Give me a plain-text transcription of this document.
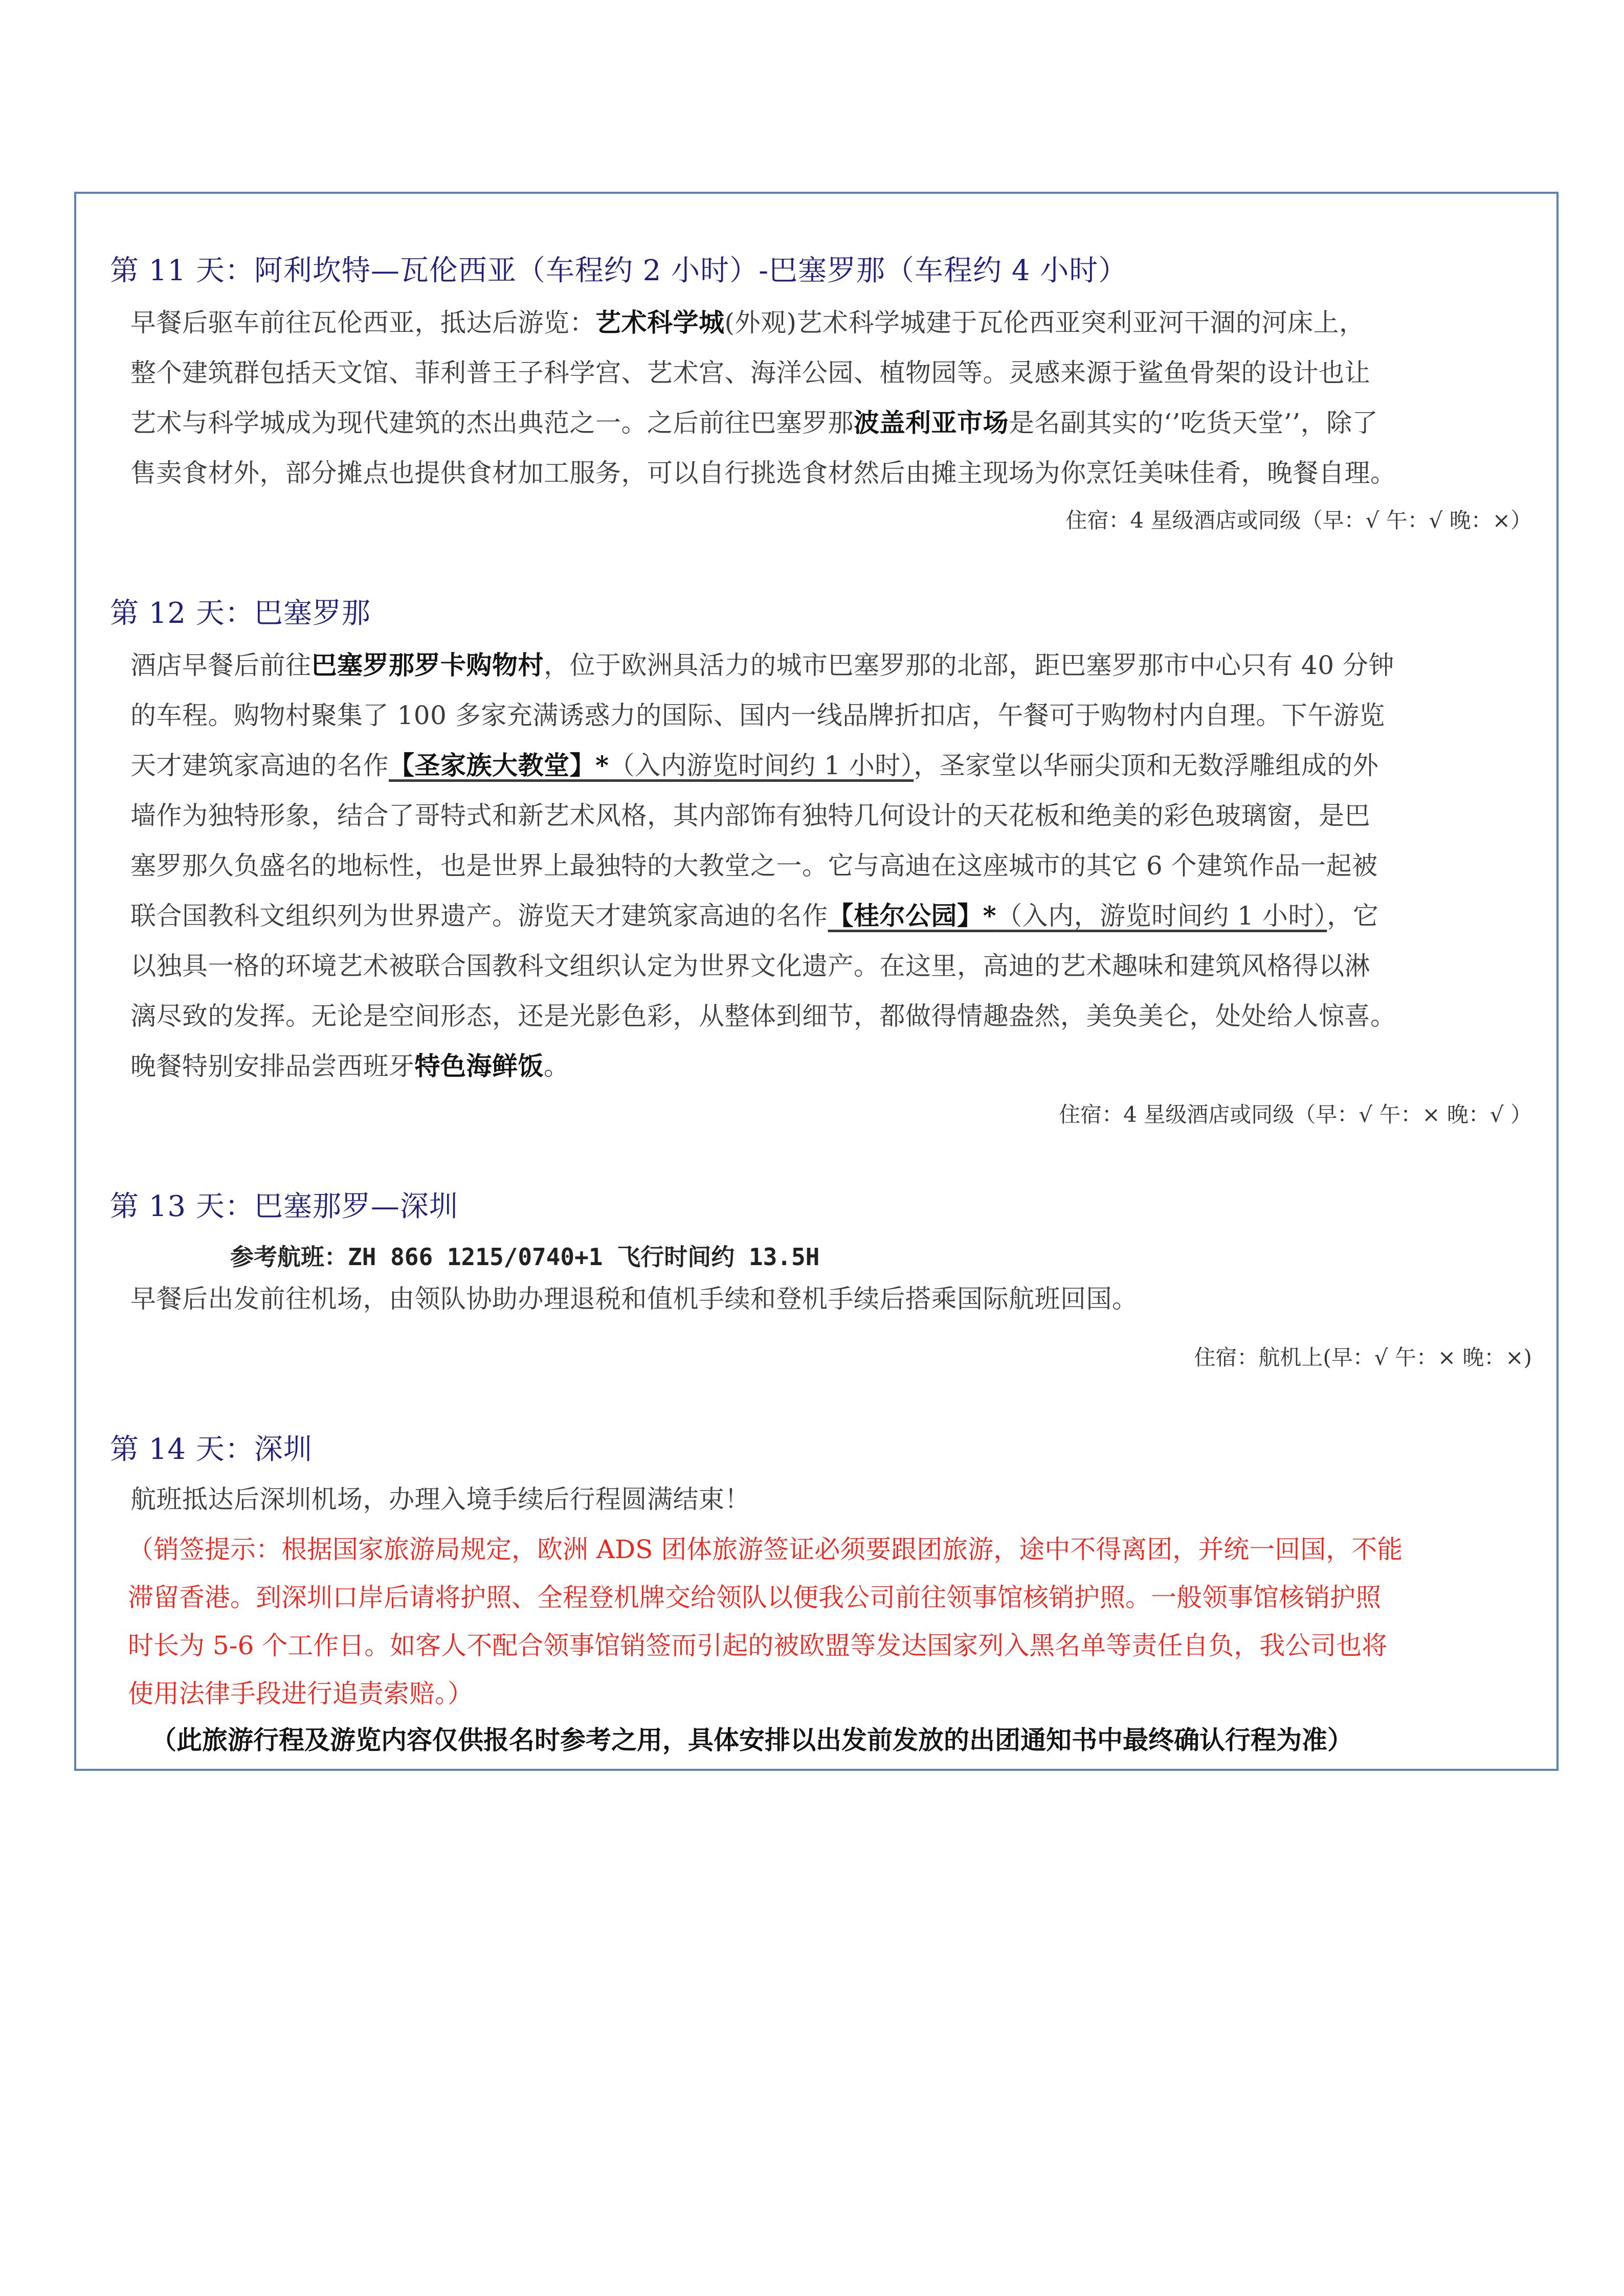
第 11 天：阿利坎特—瓦伦西亚（车程约 2 小时）-巴塞罗那（车程约 4 小时）
早餐后驱车前往瓦伦西亚，抵达后游览：艺术科学城(外观)艺术科学城建于瓦伦西亚突利亚河干涸的河床上，
整个建筑群包括天文馆、菲利普王子科学宫、艺术宫、海洋公园、植物园等。灵感来源于鲨鱼骨架的设计也让
艺术与科学城成为现代建筑的杰出典范之一。之后前往巴塞罗那波盖利亚市场是名副其实的‘’吃货天堂’’，除了
售卖食材外，部分摊点也提供食材加工服务，可以自行挑选食材然后由摊主现场为你烹饪美味佳肴，晚餐自理。
住宿：4 星级酒店或同级（早：√ 午：√ 晚：×）
第 12 天：巴塞罗那
酒店早餐后前往巴塞罗那罗卡购物村，位于欧洲具活力的城市巴塞罗那的北部，距巴塞罗那市中心只有 40 分钟
的车程。购物村聚集了 100 多家充满诱惑力的国际、国内一线品牌折扣店，午餐可于购物村内自理。下午游览
天才建筑家高迪的名作【圣家族大教堂】*（入内游览时间约 1 小时），圣家堂以华丽尖顶和无数浮雕组成的外
墙作为独特形象，结合了哥特式和新艺术风格，其内部饰有独特几何设计的天花板和绝美的彩色玻璃窗，是巴
塞罗那久负盛名的地标性，也是世界上最独特的大教堂之一。它与高迪在这座城市的其它 6 个建筑作品一起被
联合国教科文组织列为世界遗产。游览天才建筑家高迪的名作【桂尔公园】*（入内，游览时间约 1 小时），它
以独具一格的环境艺术被联合国教科文组织认定为世界文化遗产。在这里，高迪的艺术趣味和建筑风格得以淋
漓尽致的发挥。无论是空间形态，还是光影色彩，从整体到细节，都做得情趣盎然，美奂美仑，处处给人惊喜。
晚餐特别安排品尝西班牙特色海鲜饭。
住宿：4 星级酒店或同级（早：√ 午：× 晚：√ ）
第 13 天：巴塞那罗—深圳
参考航班：ZH 866 1215/0740+1 飞行时间约 13.5H
早餐后出发前往机场，由领队协助办理退税和值机手续和登机手续后搭乘国际航班回国。
住宿：航机上(早：√ 午：× 晚：×)
第 14 天：深圳
航班抵达后深圳机场，办理入境手续后行程圆满结束！
（销签提示：根据国家旅游局规定，欧洲 ADS 团体旅游签证必须要跟团旅游，途中不得离团，并统一回国，不能
滞留香港。到深圳口岸后请将护照、全程登机牌交给领队以便我公司前往领事馆核销护照。一般领事馆核销护照
时长为 5-6 个工作日。如客人不配合领事馆销签而引起的被欧盟等发达国家列入黑名单等责任自负，我公司也将
使用法律手段进行追责索赔。）
（此旅游行程及游览内容仅供报名时参考之用，具体安排以出发前发放的出团通知书中最终确认行程为准）
